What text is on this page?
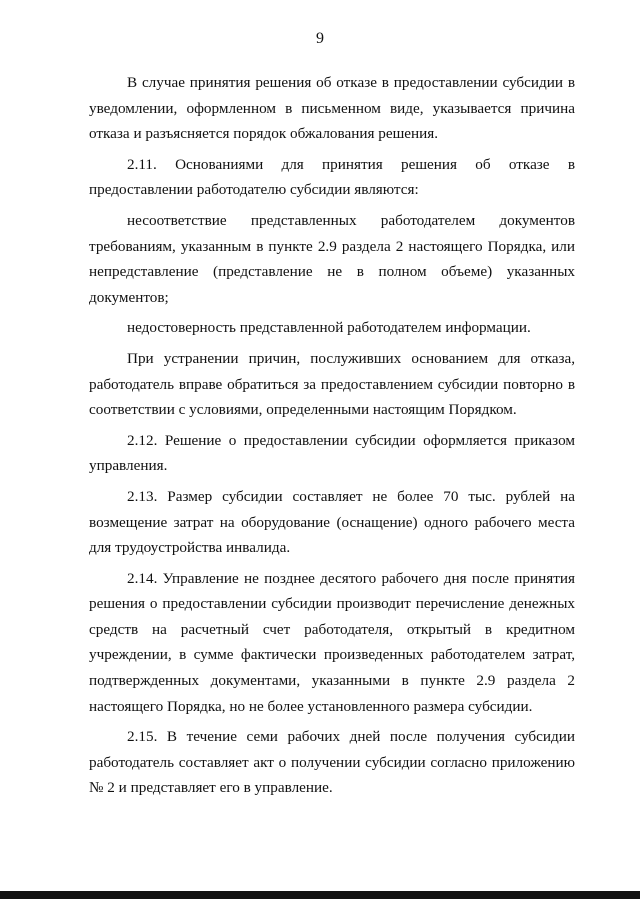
9

В случае принятия решения об отказе в предоставлении субсидии в уведомлении, оформленном в письменном виде, указывается причина отказа и разъясняется порядок обжалования решения.

2.11. Основаниями для принятия решения об отказе в предоставлении работодателю субсидии являются:

несоответствие представленных работодателем документов требованиям, указанным в пункте 2.9 раздела 2 настоящего Порядка, или непредставление (представление не в полном объеме) указанных документов;

недостоверность представленной работодателем информации.

При устранении причин, послуживших основанием для отказа, работодатель вправе обратиться за предоставлением субсидии повторно в соответствии с условиями, определенными настоящим Порядком.

2.12. Решение о предоставлении субсидии оформляется приказом управления.

2.13. Размер субсидии составляет не более 70 тыс. рублей на возмещение затрат на оборудование (оснащение) одного рабочего места для трудоустройства инвалида.

2.14. Управление не позднее десятого рабочего дня после принятия решения о предоставлении субсидии производит перечисление денежных средств на расчетный счет работодателя, открытый в кредитном учреждении, в сумме фактически произведенных работодателем затрат, подтвержденных документами, указанными в пункте 2.9 раздела 2 настоящего Порядка, но не более установленного размера субсидии.

2.15. В течение семи рабочих дней после получения субсидии работодатель составляет акт о получении субсидии согласно приложению № 2 и представляет его в управление.
